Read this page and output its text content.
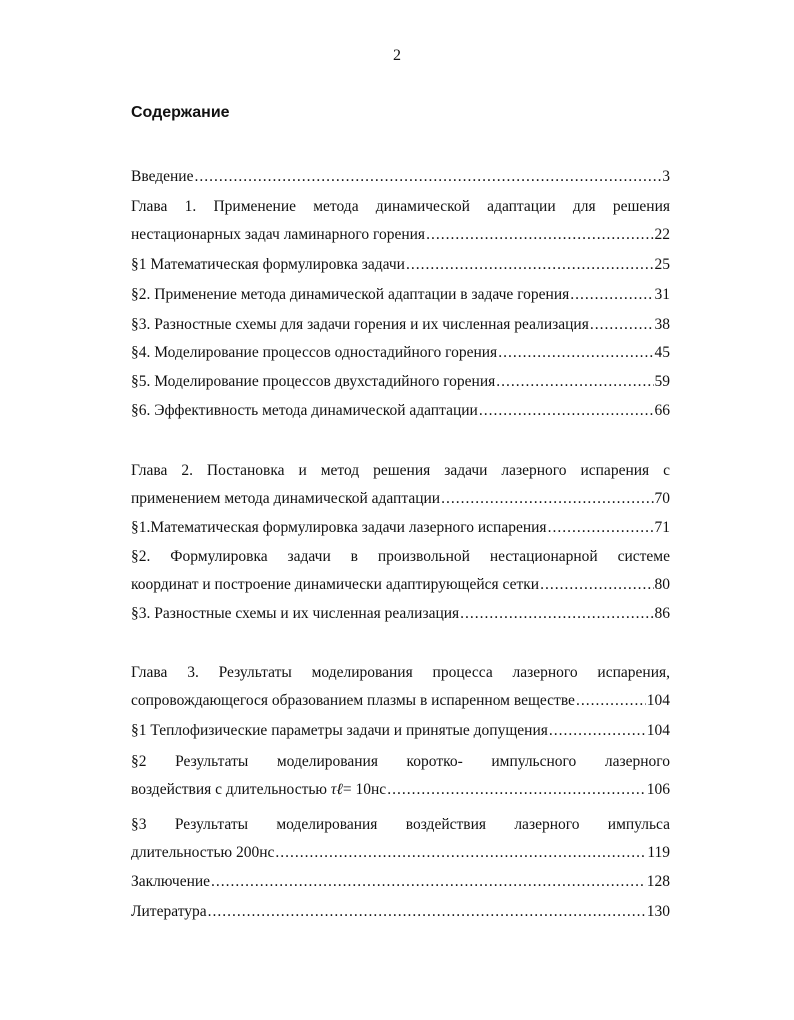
2
Содержание
Введение .....	3
Глава 1. Применение метода динамической адаптации для решения
нестационарных задач ламинарного горения .....	22
§1 Математическая формулировка задачи .....	25
§2. Применение метода динамической адаптации в задаче горения .....	31
§3. Разностные схемы для задачи горения и их численная реализация .....	38
§4. Моделирование процессов одностадийного горения .....	45
§5. Моделирование процессов двухстадийного горения .....	59
§6. Эффективность метода динамической адаптации .....	66
Глава 2. Постановка и метод решения задачи лазерного испарения с
применением метода динамической адаптации .....	70
§1.Математическая формулировка задачи лазерного испарения .....	71
§2. Формулировка задачи в произвольной нестационарной системе
координат и построение динамически адаптирующейся сетки .....	80
§3. Разностные схемы и их численная реализация .....	86
Глава 3. Результаты моделирования процесса лазерного испарения,
сопровождающегося образованием плазмы в испаренном веществе .....	104
§1 Теплофизические параметры задачи и принятые допущения .....	104
§2 Результаты моделирования коротко- импульсного лазерного
воздействия с длительностью τℓ= 10нс .....	106
§3 Результаты моделирования воздействия лазерного импульса
длительностью 200нс .....	119
Заключение .....	128
Литература .....	130
